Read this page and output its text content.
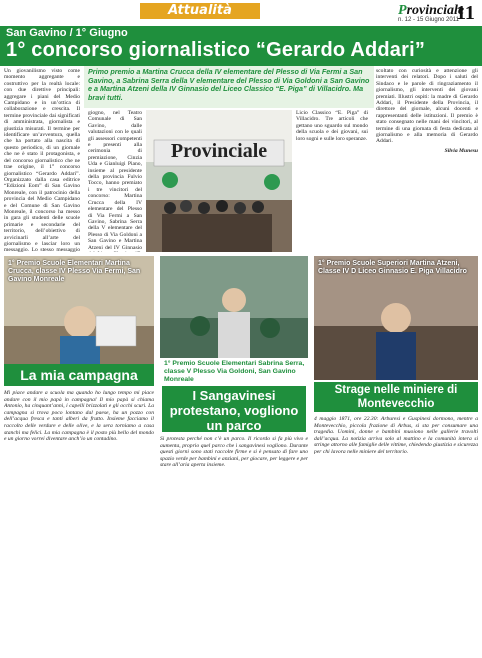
Attualità	Provinciale
n. 12 - 15 Giugno 2011
11
San Gavino / 1° Giugno
1° concorso giornalistico “Gerardo Addari”

Un giovanilismo visto come momento aggregante e costruttivo per la realtà locale: con due direttive principali: aggregare i piani del Medio Campidano e in un’ottica di collaborazione e crescita. Il termine provinciale dai significati di amministrata, giornalista e giustizia misurati. Il termine per identificare un’avventura, quella che ha portato alla nascita di questo periodico, di un giornale che ne è stato il protagonista, e del concorso giornalistico che ne trae origine, il 1° concorso giornalistico “Gerardo Addari”. Organizzato dalla casa editrice “Edizioni Eom” di San Gavino Monreale, con il patrocinio della provincia del Medio Campidano e del Comune di San Gavino Monreale, il concorso ha messo in gara gli studenti delle scuole primarie e secondarie del territorio, dell’obiettivo di avvicinarli all’arte del giornalismo e lasciar loro un messaggio. Lo stesso messaggio

Primo premio a Martina Crucca della IV elementare del Plesso di Via Fermi a San Gavino, a Sabrina Serra della V elementare del Plesso di Via Goldoni a San Gavino e a Martina Atzeni della IV Ginnasio del Liceo Classico “E. Piga” di Villacidro. Ma bravi tutti.

giogno, nel Teatro Comunale di San Gavino, dalle valutazioni con le quali gli assessori competenti e presenti alla cerimonia di premiazione, Cinzia Uda e Gianluigi Piano, insieme al presidente della provincia Fulvio Tocco, hanno premiato i tre vincitori del concorso: Martina Crucca della IV elementare del Plesso di Via Fermi a San Gavino, Sabrina Serra della V elementare del Plesso di Via Goldoni a San Gavino e Martina Atzeni del IV Ginnasio

Provinciale

Licio Classico “E. Piga” di Villacidro. Tre articoli che gettano uno sguardo sul mondo della scuola e dei giovani, sui loro sogni e sulle loro speranze.

scoltato con curiosità e attenzione gli interventi dei relatori. Dopo i saluti del Sindaco e le parole di ringraziamento il giornalismo, gli interventi dei giovani premiati. Illustri ospiti: la madre di Gerardo Addari, il Presidente della Provincia, il direttore del giornale, alcuni docenti e rappresentanti delle istituzioni. Il premio è stato consegnato nelle mani dei vincitori, al termine di una giornata di festa dedicata al giornalismo e alla memoria di Gerardo Addari.

Silvia Munesu

1° Premio Scuole Elementari Martina Crucca, classe IV Plesso Via Fermi, San Gavino Monreale
La mia campagna

Mi piace andare a scuola ma quando ho lungo tempo mi piace andare con il mio papà in campagna! Il mio papà si chiama Antonio, ha cinquant’anni, i capelli brizzolati e gli occhi scuri. La campagna si trova poco lontano dal paese, ha un pozzo con dell’acqua fresca e tanti alberi da frutto. Insieme facciamo il raccolto delle verdure e delle olive, e la sera torniamo a casa stanchi ma felici. La mia campagna è il posto più bello del mondo e un giorno vorrei diventare anch’io un contadino.

1° Premio Scuole Elementari Sabrina Serra, classe V Plesso Via Goldoni, San Gavino Monreale
I Sangavinesi protestano, vogliono un parco

Si protesta perché non c’è un parco. Il ricordo si fa più vivo e aumenta, proprio quel parco che i sangavinesi vogliono. Durante questi giorni sono stati raccolte firme e si è pensato di fare uno spazio verde per bambini e anziani, per giocare, per leggere e per stare all’aria aperta insieme.

1° Premio Scuole Superiori Martina Atzeni, Classe IV D Liceo Ginnasio E. Piga Villacidro
Strage nelle miniere di Montevecchio

4 maggio 1871, ore 22.30: Arburesi e Guspinesi dormono, mentre a Montevecchio, piccola frazione di Arbus, si sta per consumare una tragedia. Uomini, donne e bambini muoiono nelle gallerie travolti dall’acqua. La notizia arriva solo al mattino e la comunità intera si stringe attorno alle famiglie delle vittime, chiedendo giustizia e sicurezza per chi lavora nelle miniere del territorio.
